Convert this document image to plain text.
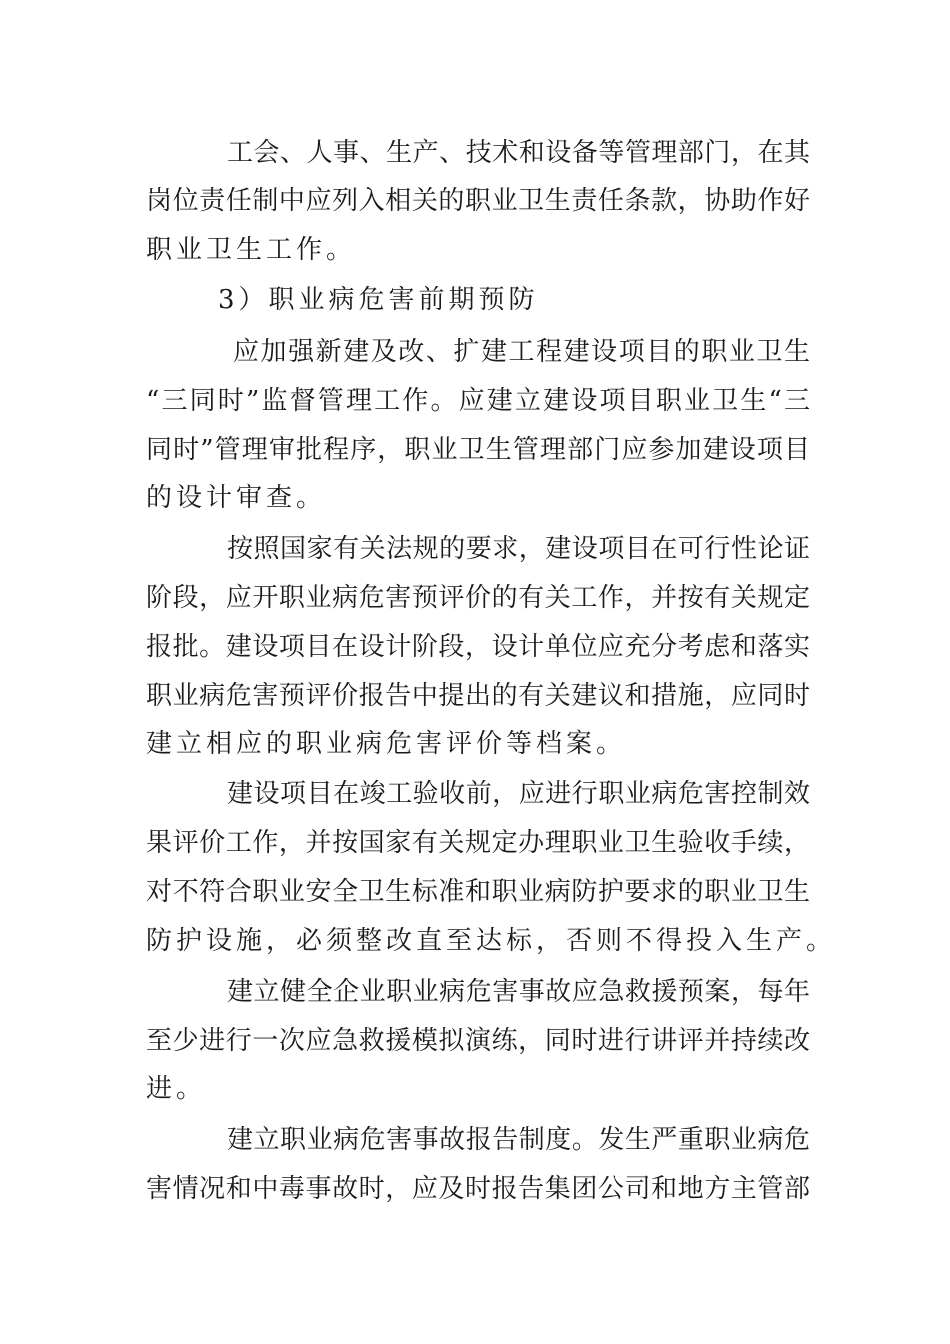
工会、人事、生产、技术和设备等管理部门，在其
岗位责任制中应列入相关的职业卫生责任条款，协助作好
职业卫生工作。
3）职业病危害前期预防
应加强新建及改、扩建工程建设项目的职业卫生
“三同时”监督管理工作。应建立建设项目职业卫生“三
同时”管理审批程序，职业卫生管理部门应参加建设项目
的设计审查。
按照国家有关法规的要求，建设项目在可行性论证
阶段，应开职业病危害预评价的有关工作，并按有关规定
报批。建设项目在设计阶段，设计单位应充分考虑和落实
职业病危害预评价报告中提出的有关建议和措施，应同时
建立相应的职业病危害评价等档案。
建设项目在竣工验收前，应进行职业病危害控制效
果评价工作，并按国家有关规定办理职业卫生验收手续，
对不符合职业安全卫生标准和职业病防护要求的职业卫生
防护设施，必须整改直至达标，否则不得投入生产。
建立健全企业职业病危害事故应急救援预案，每年
至少进行一次应急救援模拟演练，同时进行讲评并持续改
进。
建立职业病危害事故报告制度。发生严重职业病危
害情况和中毒事故时，应及时报告集团公司和地方主管部
